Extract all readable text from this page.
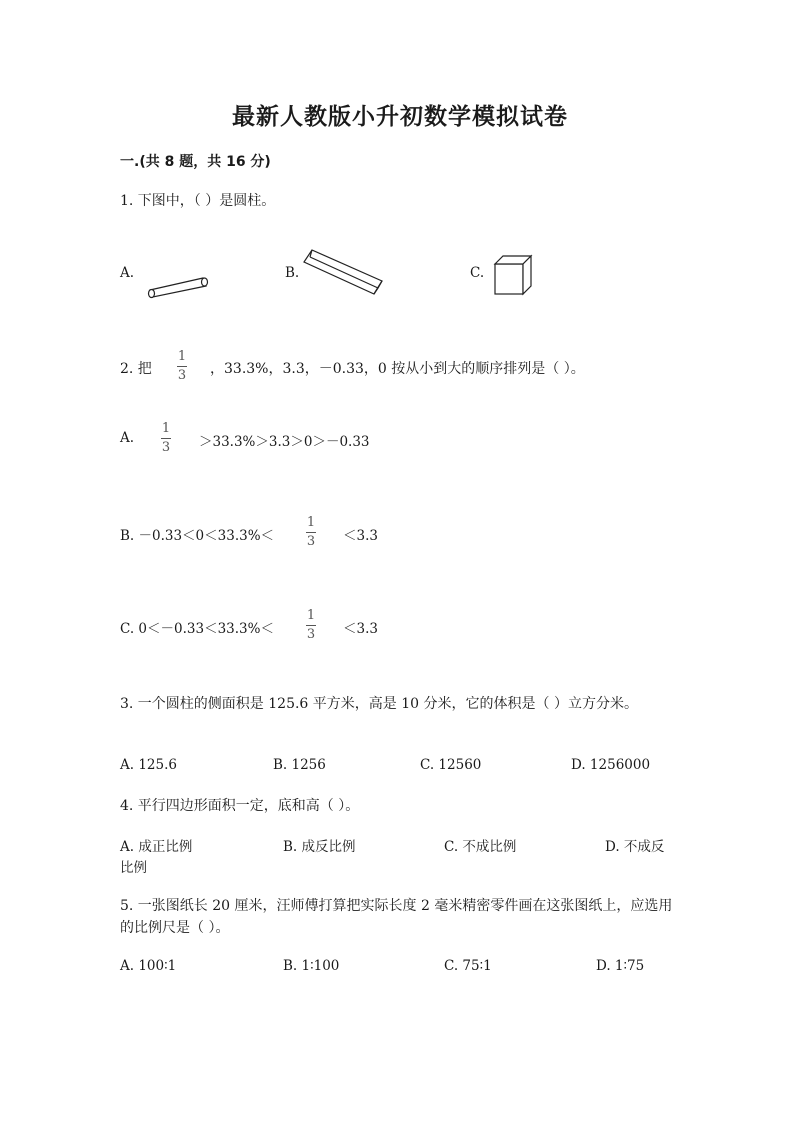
最新人教版小升初数学模拟试卷
一.(共 8 题，共 16 分)
1. 下图中，（ ）是圆柱。
A.	B.	C.
2. 把
1
3 ，33.3%，3.3，－0.33，0 按从小到大的顺序排列是（ ）。
A.
1
3 ＞33.3%＞3.3＞0＞－0.33
B. －0.33＜0＜33.3%＜
1
3 ＜3.3
C. 0＜－0.33＜33.3%＜
1
3 ＜3.3
3. 一个圆柱的侧面积是 125.6 平方米，高是 10 分米，它的体积是（ ）立方分米。
A. 125.6	B. 1256	C. 12560	D. 1256000
4. 平行四边形面积一定，底和高（ ）。
A. 成正比例	B. 成反比例	C. 不成比例	D. 不成反
比例
5. 一张图纸长 20 厘米，汪师傅打算把实际长度 2 毫米精密零件画在这张图纸上，应选用的比例尺是（ ）。
A. 100∶1	B. 1∶100	C. 75∶1	D. 1∶75
